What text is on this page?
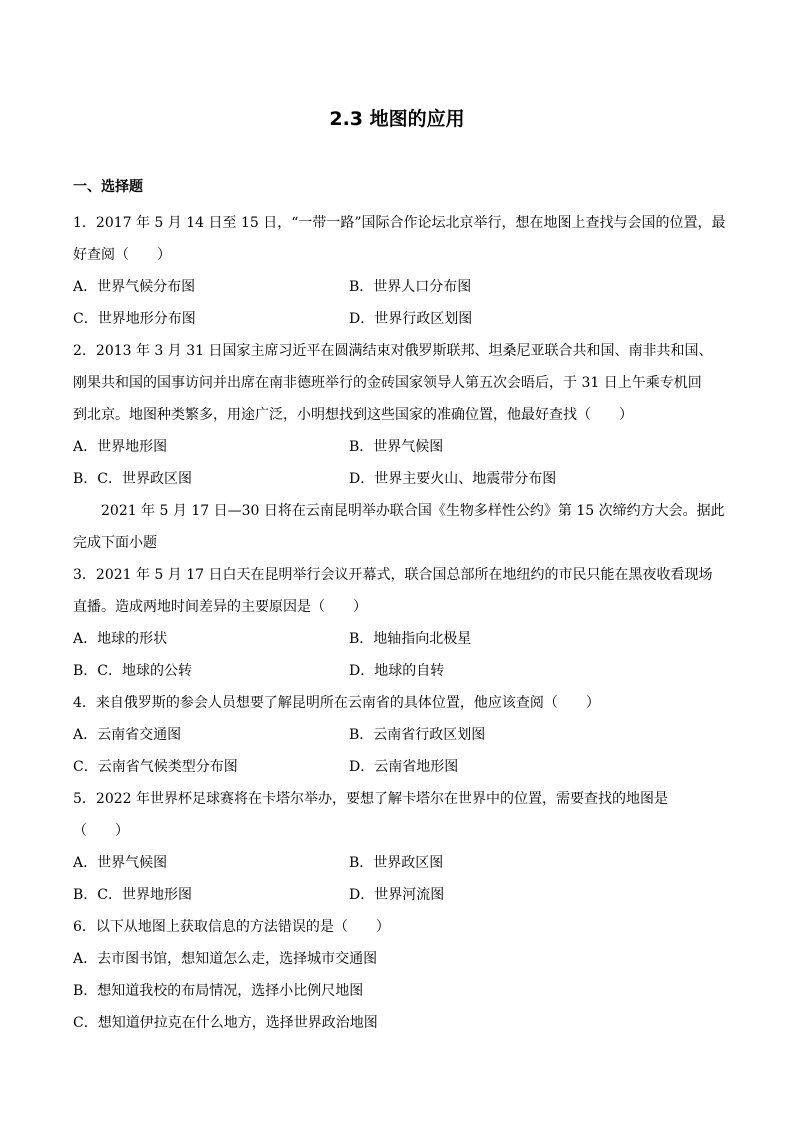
2.3 地图的应用
一、选择题
1．2017 年 5 月 14 日至 15 日，“一带一路”国际合作论坛北京举行，想在地图上查找与会国的位置，最
好查阅（　　）
A．世界气候分布图	B．世界人口分布图
C．世界地形分布图	D．世界行政区划图
2．2013 年 3 月 31 日国家主席习近平在圆满结束对俄罗斯联邦、坦桑尼亚联合共和国、南非共和国、
刚果共和国的国事访问并出席在南非德班举行的金砖国家领导人第五次会晤后，于 31 日上午乘专机回
到北京。地图种类繁多，用途广泛，小明想找到这些国家的准确位置，他最好查找（　　）
A．世界地形图	B．世界气候图
B．C．世界政区图	D．世界主要火山、地震带分布图
2021 年 5 月 17 日—30 日将在云南昆明举办联合国《生物多样性公约》第 15 次缔约方大会。据此
完成下面小题
3．2021 年 5 月 17 日白天在昆明举行会议开幕式，联合国总部所在地纽约的市民只能在黑夜收看现场
直播。造成两地时间差异的主要原因是（　　）
A．地球的形状	B．地轴指向北极星
B．C．地球的公转	D．地球的自转
4．来自俄罗斯的参会人员想要了解昆明所在云南省的具体位置，他应该查阅（　　）
A．云南省交通图	B．云南省行政区划图
C．云南省气候类型分布图	D．云南省地形图
5．2022 年世界杯足球赛将在卡塔尔举办，要想了解卡塔尔在世界中的位置，需要查找的地图是
（　　）
A．世界气候图	B．世界政区图
B．C．世界地形图	D．世界河流图
6．以下从地图上获取信息的方法错误的是（　　）
A．去市图书馆，想知道怎么走，选择城市交通图
B．想知道我校的布局情况，选择小比例尺地图
C．想知道伊拉克在什么地方，选择世界政治地图
